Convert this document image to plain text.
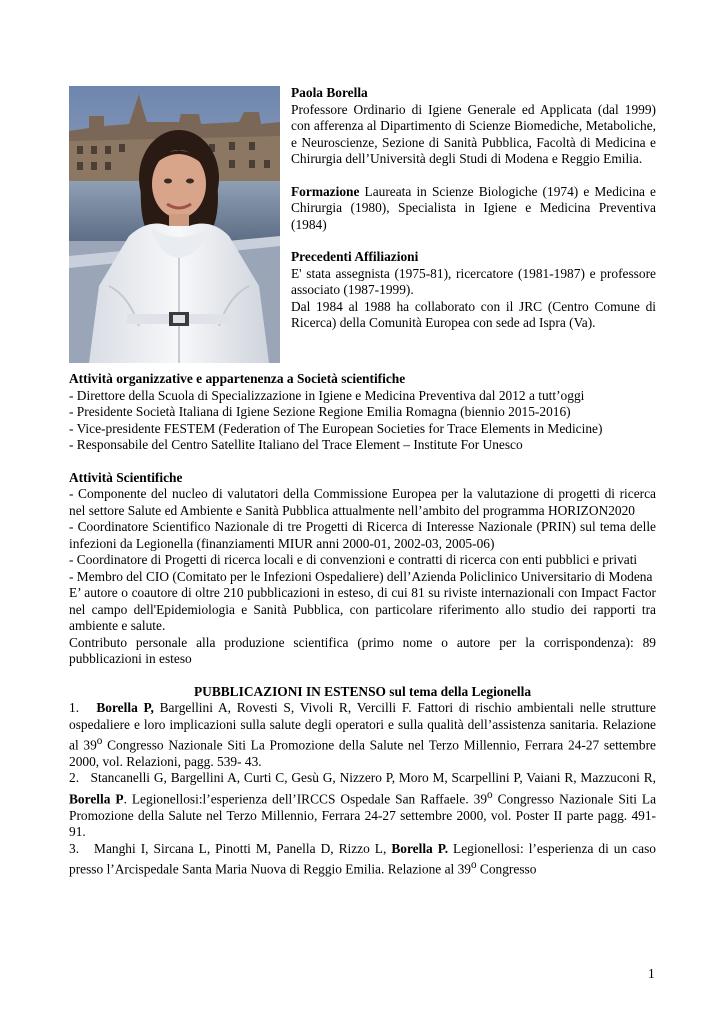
Paola Borella

Professore Ordinario di Igiene Generale ed Applicata (dal 1999) con afferenza al Dipartimento di Scienze Biomediche, Metaboliche, e Neuroscienze, Sezione di Sanità Pubblica, Facoltà di Medicina e Chirurgia dell’Università degli Studi di Modena e Reggio Emilia.

Formazione Laureata in Scienze Biologiche (1974) e Medicina e Chirurgia (1980), Specialista in Igiene e Medicina Preventiva (1984)

Precedenti Affiliazioni

E' stata assegnista (1975-81), ricercatore (1981-1987) e professore associato (1987-1999).

Dal 1984 al 1988 ha collaborato con il JRC (Centro Comune di Ricerca) della Comunità Europea con sede ad Ispra (Va).

Attività organizzative e appartenenza a Società scientifiche

- Direttore della Scuola di Specializzazione in Igiene e Medicina Preventiva dal 2012 a tutt’oggi

- Presidente Società Italiana di Igiene Sezione Regione Emilia Romagna (biennio 2015-2016)

- Vice-presidente FESTEM (Federation of The European Societies for Trace Elements in Medicine)

- Responsabile del Centro Satellite Italiano del Trace Element – Institute For Unesco

Attività Scientifiche

- Componente del nucleo di valutatori della Commissione Europea per la valutazione di progetti di ricerca nel settore Salute ed Ambiente e Sanità Pubblica attualmente nell’ambito del programma HORIZON2020

- Coordinatore Scientifico Nazionale di tre Progetti di Ricerca di Interesse Nazionale (PRIN) sul tema delle infezioni da Legionella (finanziamenti MIUR anni 2000-01, 2002-03, 2005-06)

- Coordinatore di Progetti di ricerca locali e di convenzioni e contratti di ricerca con enti pubblici e privati

- Membro del CIO (Comitato per le Infezioni Ospedaliere) dell’Azienda Policlinico Universitario di Modena

E’ autore o coautore di oltre 210 pubblicazioni in esteso, di cui 81 su riviste internazionali con Impact Factor nel campo dell'Epidemiologia e Sanità Pubblica, con particolare riferimento allo studio dei rapporti tra ambiente e salute.

Contributo personale alla produzione scientifica (primo nome o autore per la corrispondenza): 89 pubblicazioni in esteso

PUBBLICAZIONI IN ESTENSO sul tema della Legionella

1. Borella P, Bargellini A, Rovesti S, Vivoli R, Vercilli F. Fattori di rischio ambientali nelle strutture ospedaliere e loro implicazioni sulla salute degli operatori e sulla qualità dell’assistenza sanitaria. Relazione al 39$^o$ Congresso Nazionale Siti La Promozione della Salute nel Terzo Millennio, Ferrara 24-27 settembre 2000, vol. Relazioni, pagg. 539- 43.

2. Stancanelli G, Bargellini A, Curti C, Gesù G, Nizzero P, Moro M, Scarpellini P, Vaiani R, Mazzuconi R, Borella P. Legionellosi:l’esperienza dell’IRCCS Ospedale San Raffaele. 39$^o$ Congresso Nazionale Siti La Promozione della Salute nel Terzo Millennio, Ferrara 24-27 settembre 2000, vol. Poster II parte pagg. 491-91.

3. Manghi I, Sircana L, Pinotti M, Panella D, Rizzo L, Borella P. Legionellosi: l’esperienza di un caso presso l’Arcispedale Santa Maria Nuova di Reggio Emilia. Relazione al 39$^o$ Congresso

1
